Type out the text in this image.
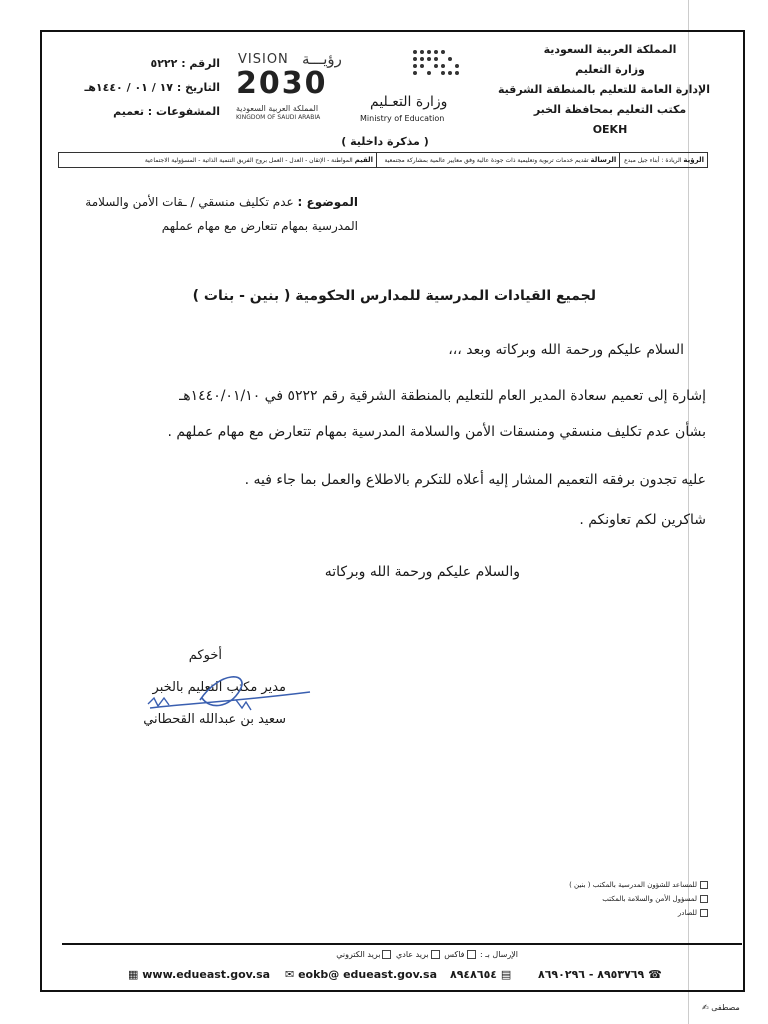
المملكة العربية السعودية
وزارة التعليم
الإدارة العامة للتعليم بالمنطقة الشرقية
مكتب التعليم بمحافظة الخبر
OEKH
الرقم : ٥٢٢٢
التاريخ : ١٧ / ٠١ / ١٤٤٠هـ
المشفوعات : تعميم
VISION رؤيـــة
2030
المملكة العربية السعودية
KINGDOM OF SAUDI ARABIA
وزارة التعـليم
Ministry of Education
( مذكرة داخلية )
الرؤية

الريادة : أبناء جيل مبدع
الرسالة

تقديم خدمات تربوية وتعليمية ذات جودة عالية وفق معايير عالمية بمشاركة مجتمعية
القيم

المواطنة - الإتقان - العدل - العمل بروح الفريق التنمية الذاتية - المسؤولية الاجتماعية
الموضوع : عدم تكليف منسقي / ـقات الأمن والسلامة
المدرسية بمهام تتعارض مع مهام عملهم
لجميع القيادات المدرسية للمدارس الحكومية ( بنين - بنات )
السلام عليكم ورحمة الله وبركاته وبعد ،،،
إشارة إلى تعميم سعادة المدير العام للتعليم بالمنطقة الشرقية رقم ٥٢٢٢ في ١٤٤٠/٠١/١٠هـ
بشأن عدم تكليف منسقي ومنسقات الأمن والسلامة المدرسية بمهام تتعارض مع مهام عملهم .
عليه تجدون برفقه التعميم المشار إليه أعلاه للتكرم بالاطلاع والعمل بما جاء فيه .
شاكرين لكم تعاونكم .
والسلام عليكم ورحمة الله وبركاته
أخوكم
مدير مكتب التعليم بالخبر
سعيد بن عبدالله القحطاني
للمساعد للشؤون المدرسية بالمكتب ( بنين )
لمسؤول الأمن والسلامة بالمكتب
للصادر
الإرسال بـ : فاكس بريد عادي بريد الكتروني
▦ www.edueast.gov.sa ✉ eokb@ edueast.gov.sa ٨٩٤٨٦٥٤ ▤ ٨٩٥٣٧٦٩ - ٨٦٩٠٢٩٦ ☎
مصطفى ✍
